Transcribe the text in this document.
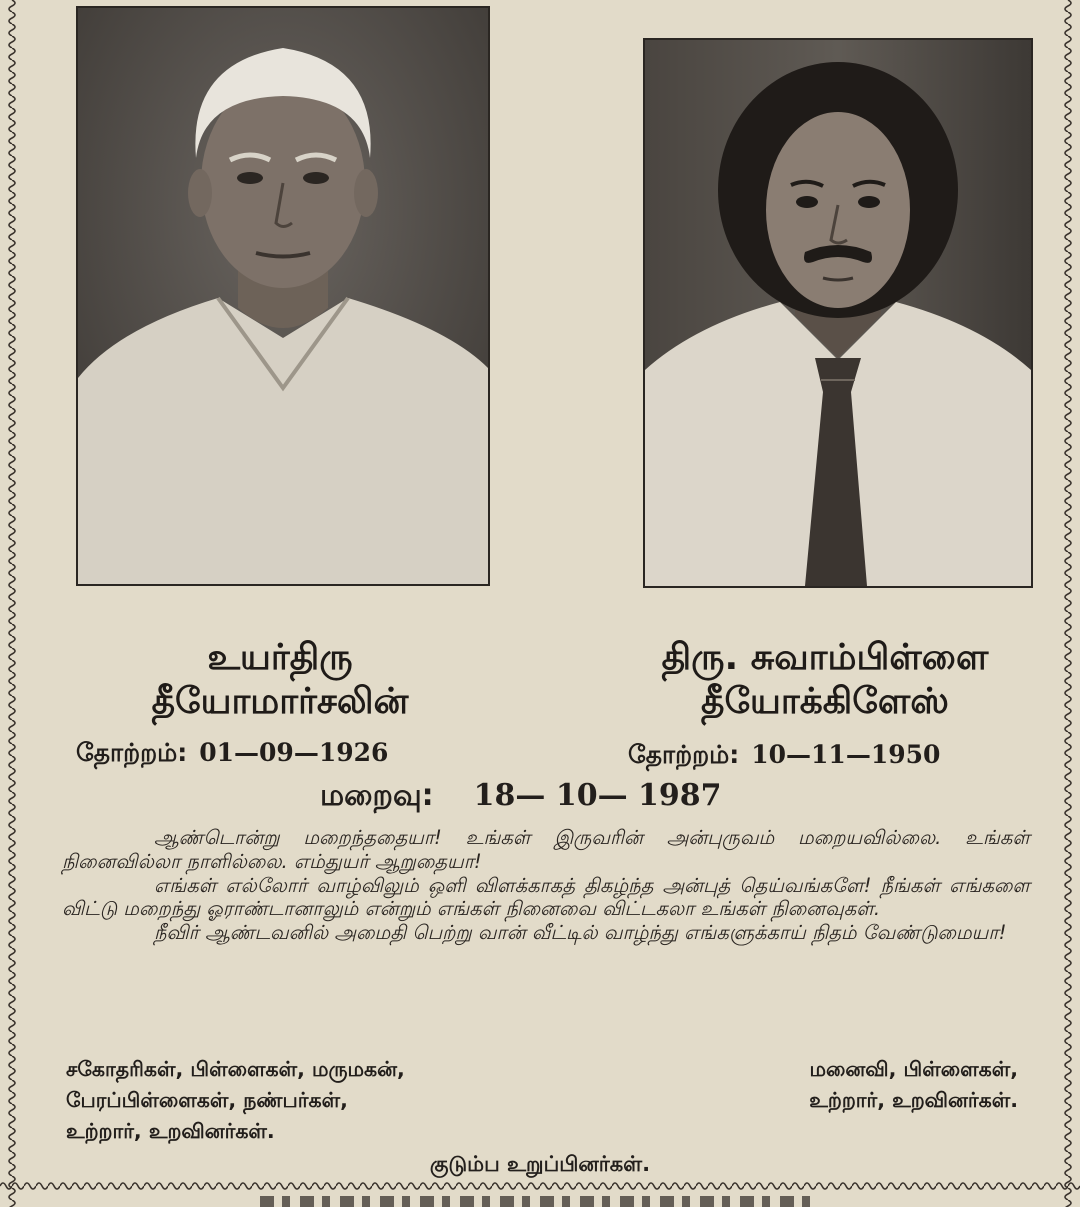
உயர்திரு
தீயோமார்சலின்
திரு. சுவாம்பிள்ளை
தீயோக்கிளேஸ்
தோற்றம்: 01—09—1926	தோற்றம்: 10—11—1950
மறைவு: 18— 10— 1987

ஆண்டொன்று மறைந்ததையா! உங்கள் இருவரின் அன்புருவம் மறையவில்லை. உங்கள் நினைவில்லா நாளில்லை. எம்துயர் ஆறுதையா!

எங்கள் எல்லோர் வாழ்விலும் ஒளி விளக்காகத் திகழ்ந்த அன்புத் தெய்வங்களே! நீங்கள் எங்களை விட்டு மறைந்து ஓராண்டானாலும் என்றும் எங்கள் நினைவை விட்டகலா உங்கள் நினைவுகள்.

நீவிர் ஆண்டவனில் அமைதி பெற்று வான் வீட்டில் வாழ்ந்து எங்களுக்காய் நிதம் வேண்டுமையா!

சகோதரிகள், பிள்ளைகள், மருமகன்,
பேரப்பிள்ளைகள், நண்பர்கள்,
உற்றார், உறவினர்கள்.
மனைவி, பிள்ளைகள்,
உற்றார், உறவினர்கள்.
குடும்ப உறுப்பினர்கள்.
